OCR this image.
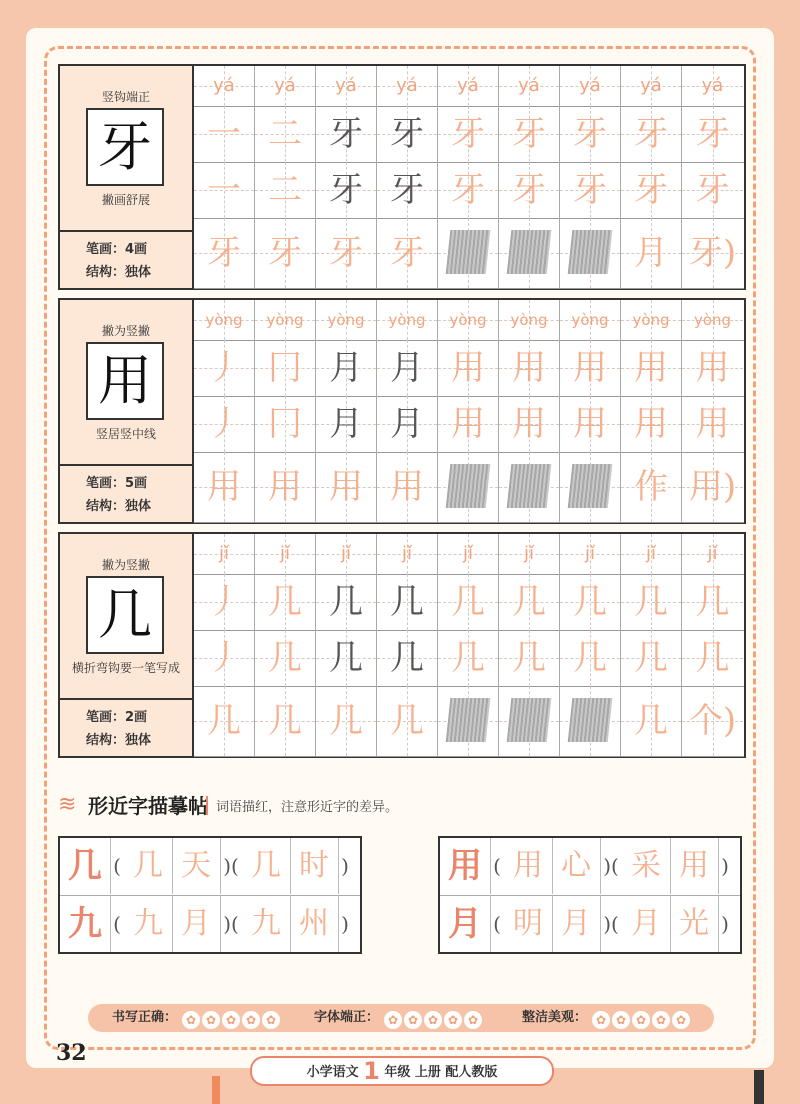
竖钩端正
牙
撇画舒展
笔画：4画
结构：独体
yá	yá	yá	yá	yá	yá	yá	yá	yá
一 二 牙 牙 牙 牙 牙 牙 牙
一 二 牙 牙 牙 牙 牙 牙 牙
牙 牙 牙 牙	月 牙)
撇为竖撇
用
竖居竖中线
笔画：5画
结构：独体
yòng	yòng	yòng	yòng	yòng	yòng	yòng	yòng	yòng
丿 冂 月 月 用 用 用 用 用
丿 冂 月 月 用 用 用 用 用
用 用 用 用	作 用)
撇为竖撇
几
横折弯钩要一笔写成
笔画：2画
结构：独体
jǐ	jǐ	jǐ	jǐ	jǐ	jǐ	jǐ	jǐ	jǐ
丿 几 几 几 几 几 几 几 几
丿 几 几 几 几 几 几 几 几
几 几 几 几	几 个)
≋ 形近字描摹帖 词语描红，注意形近字的差异。
几 ( 几 天 )( 几 时 )
九 ( 九 月 )( 九 州 )
用 ( 用 心 )( 采 用 )
月 ( 明 月 )( 月 光 )
书写正确： ✿ ✿ ✿ ✿ ✿	字体端正： ✿ ✿ ✿ ✿ ✿	整洁美观： ✿ ✿ ✿ ✿ ✿
32
小学语文 1 年级 上册 配人教版
